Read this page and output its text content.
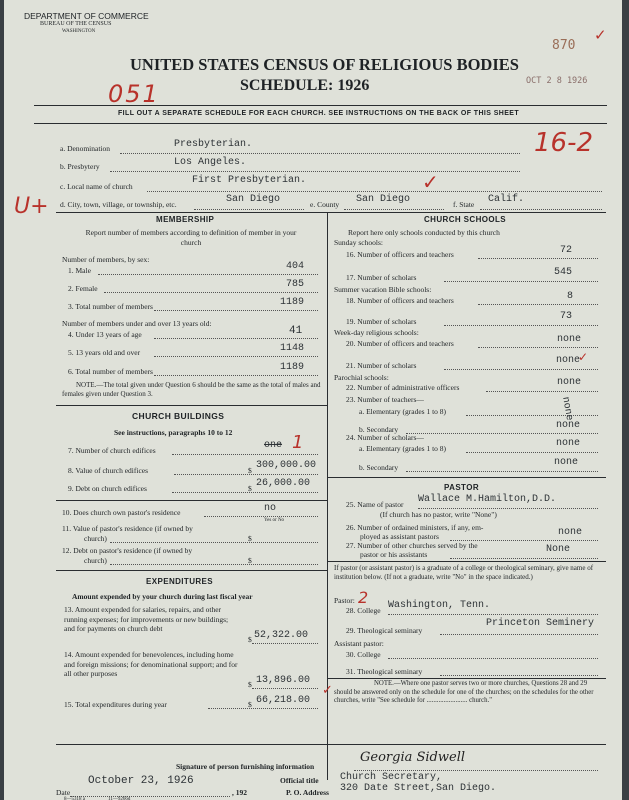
DEPARTMENT OF COMMERCE
BUREAU OF THE CENSUS
WASHINGTON
870
✓
UNITED STATES CENSUS OF RELIGIOUS BODIES
SCHEDULE: 1926
051	OCT 2 8 1926
FILL OUT A SEPARATE SCHEDULE FOR EACH CHURCH. SEE INSTRUCTIONS ON THE BACK OF THIS SHEET
16-2
a. Denomination	Presbyterian.
b. Presbytery	Los Angeles.
c. Local name of church
First Presbyterian.	✓
d. City, town, village, or township, etc.	San Diego	e. County San Diego	f. State Calif.
U+
MEMBERSHIP
Report number of members according to definition of member in your church
Number of members, by sex:
1. Male	404
2. Female	785
3. Total number of members	1189
Number of members under and over 13 years old:
4. Under 13 years of age	41
5. 13 years old and over	1148
6. Total number of members	1189
NOTE.—The total given under Question 6 should be the same as the total of males and females given under Question 3.
CHURCH BUILDINGS
See instructions, paragraphs 10 to 12
7. Number of church edifices	one 1
8. Value of church edifices	$ 300,000.00
9. Debt on church edifices	$ 26,000.00
10. Does church own pastor's residence	no
Yes or No
11. Value of pastor's residence (if owned by
church)	$
12. Debt on pastor's residence (if owned by
church)	$
EXPENDITURES
Amount expended by your church during last fiscal year
13. Amount expended for salaries, repairs, and other running expenses; for improvements or new buildings; and for payments on church debt
$ 52,322.00
14. Amount expended for benevolences, including home and foreign missions; for denominational support; and for all other purposes
$ 13,896.00
15. Total expenditures during year	$ 66,218.00
CHURCH SCHOOLS
Report here only schools conducted by this church
Sunday schools:
16. Number of officers and teachers	72
17. Number of scholars	545
Summer vacation Bible schools:
18. Number of officers and teachers	8
19. Number of scholars	73
Week-day religious schools:
20. Number of officers and teachers	none
21. Number of scholars	none
✓
Parochial schools:
22. Number of administrative officers	none
23. Number of teachers—
a. Elementary (grades 1 to 8)	none
b. Secondary	none
24. Number of scholars—
a. Elementary (grades 1 to 8)	none
b. Secondary	none
PASTOR
25. Name of pastor Wallace M.Hamilton,D.D.
(If church has no pastor, write "None")
26. Number of ordained ministers, if any, em-
ployed as assistant pastors	none
27. Number of other churches served by the
pastor or his assistants	None
If pastor (or assistant pastor) is a graduate of a college or theological seminary, give name of institution below. (If not a graduate, write "No" in the space indicated.)
Pastor: 2
28. College Washington, Tenn.
29. Theological seminary
Princeton Seminery
Assistant pastor:
30. College
31. Theological seminary
NOTE.—Where one pastor serves two or more churches, Questions 28 and 29 should be answered only on the schedule for one of the churches; on the schedules for the other churches, write "See schedule for ........................ church."
✓
Signature of person furnishing information
Georgia Sidwell
October 23, 1926	Official title Church Secretary,
Date	, 192	P. O. Address 320 Date Street,San Diego.
8—5318 a	11—9266d
